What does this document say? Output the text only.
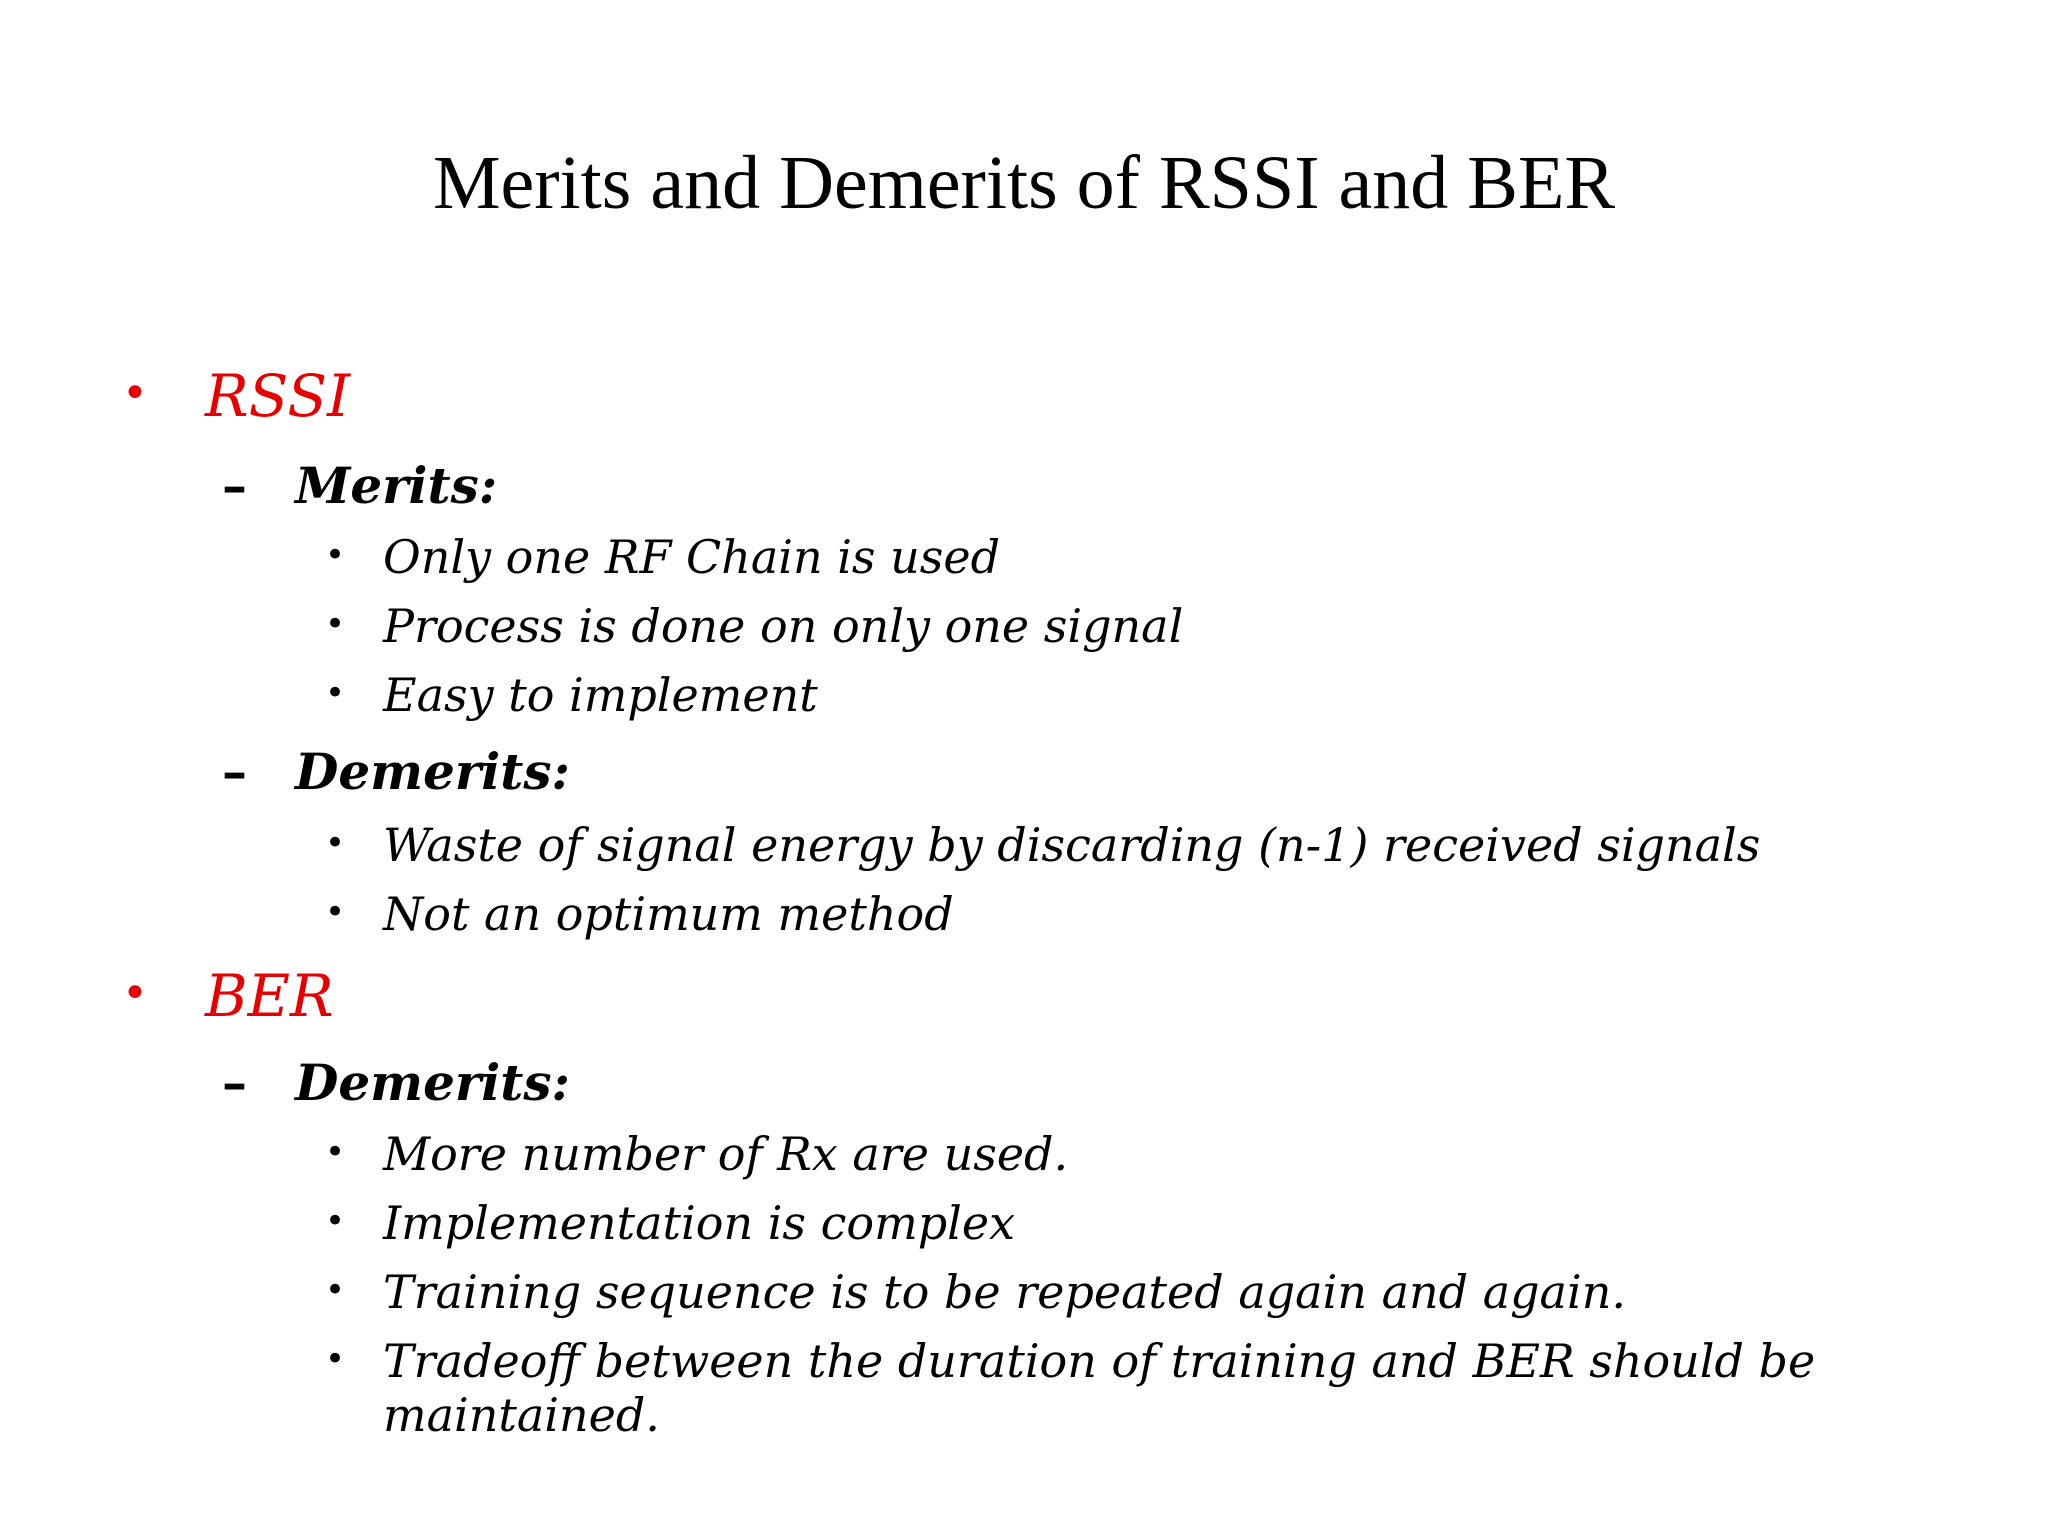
Merits and Demerits of RSSI and BER
• RSSI
– Merits:
• Only one RF Chain is used
• Process is done on only one signal
• Easy to implement
– Demerits:
• Waste of signal energy by discarding (n-1) received signals
• Not an optimum method
• BER
– Demerits:
• More number of Rx are used.
• Implementation is complex
• Training sequence is to be repeated again and again.
• Tradeoff between the duration of training and BER should be maintained.
